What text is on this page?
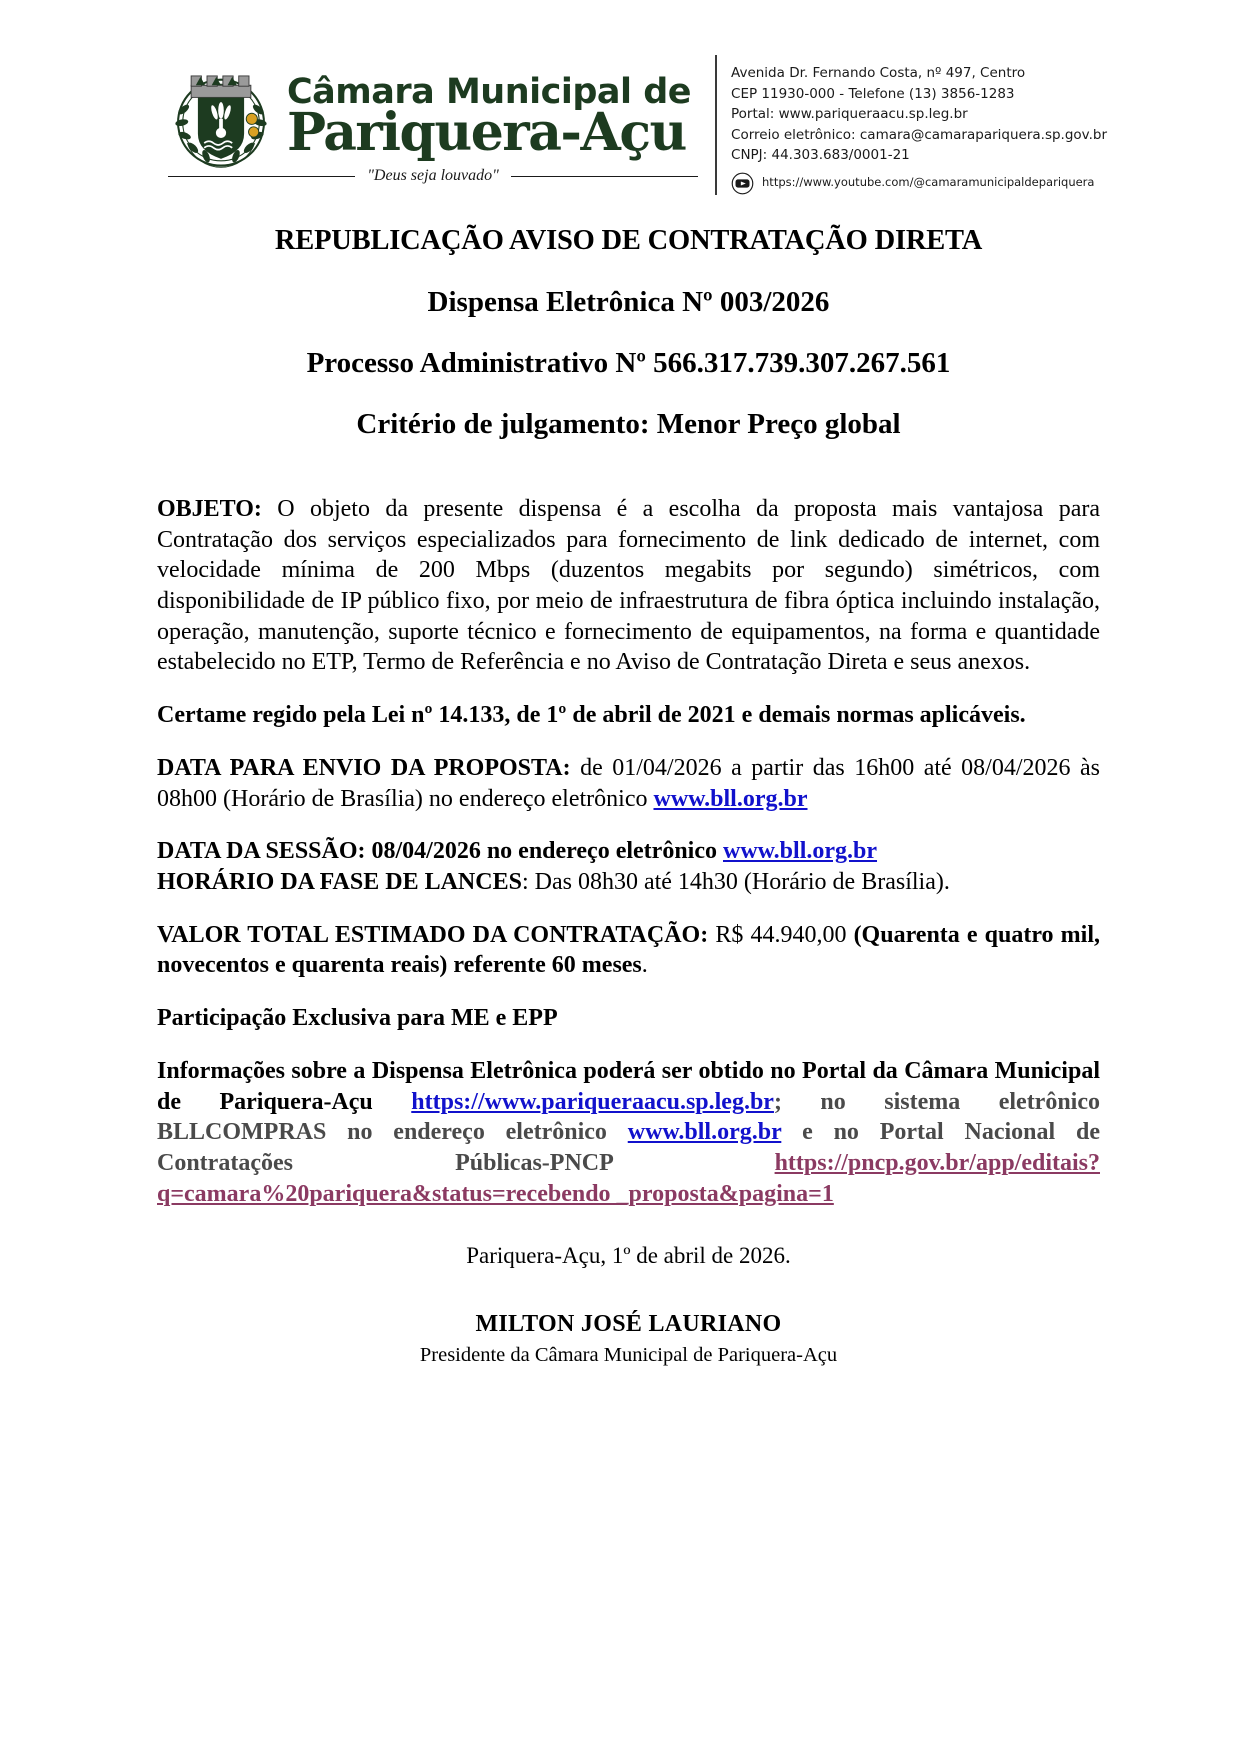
Câmara Municipal de
Pariquera-Açu
Avenida Dr. Fernando Costa, nº 497, Centro
CEP 11930-000 - Telefone (13) 3856-1283
Portal: www.pariqueraacu.sp.leg.br
Correio eletrônico: camara@camarapariquera.sp.gov.br
CNPJ: 44.303.683/0001-21
https://www.youtube.com/@camaramunicipaldepariquera
"Deus seja louvado"
REPUBLICAÇÃO AVISO DE CONTRATAÇÃO DIRETA
Dispensa Eletrônica Nº 003/2026
Processo Administrativo Nº 566.317.739.307.267.561
Critério de julgamento: Menor Preço global

OBJETO: O objeto da presente dispensa é a escolha da proposta mais vantajosa para Contratação dos serviços especializados para fornecimento de link dedicado de internet, com velocidade mínima de 200 Mbps (duzentos megabits por segundo) simétricos, com disponibilidade de IP público fixo, por meio de infraestrutura de fibra óptica incluindo instalação, operação, manutenção, suporte técnico e fornecimento de equipamentos, na forma e quantidade estabelecido no ETP, Termo de Referência e no Aviso de Contratação Direta e seus anexos.

Certame regido pela Lei nº 14.133, de 1º de abril de 2021 e demais normas aplicáveis.

DATA PARA ENVIO DA PROPOSTA: de 01/04/2026 a partir das 16h00 até 08/04/2026 às 08h00 (Horário de Brasília) no endereço eletrônico www.bll.org.br

DATA DA SESSÃO: 08/04/2026 no endereço eletrônico www.bll.org.br

HORÁRIO DA FASE DE LANCES: Das 08h30 até 14h30 (Horário de Brasília).

VALOR TOTAL ESTIMADO DA CONTRATAÇÃO: R$ 44.940,00 (Quarenta e quatro mil, novecentos e quarenta reais) referente 60 meses.

Participação Exclusiva para ME e EPP

Informações sobre a Dispensa Eletrônica poderá ser obtido no Portal da Câmara Municipal de Pariquera-Açu https://www.pariqueraacu.sp.leg.br; no sistema eletrônico BLLCOMPRAS no endereço eletrônico www.bll.org.br e no Portal Nacional de Contratações Públicas-PNCP https://pncp.gov.br/app/editais?q=camara%20pariquera&status=recebendo _proposta&pagina=1

Pariquera-Açu, 1º de abril de 2026.

MILTON JOSÉ LAURIANO

Presidente da Câmara Municipal de Pariquera-Açu
